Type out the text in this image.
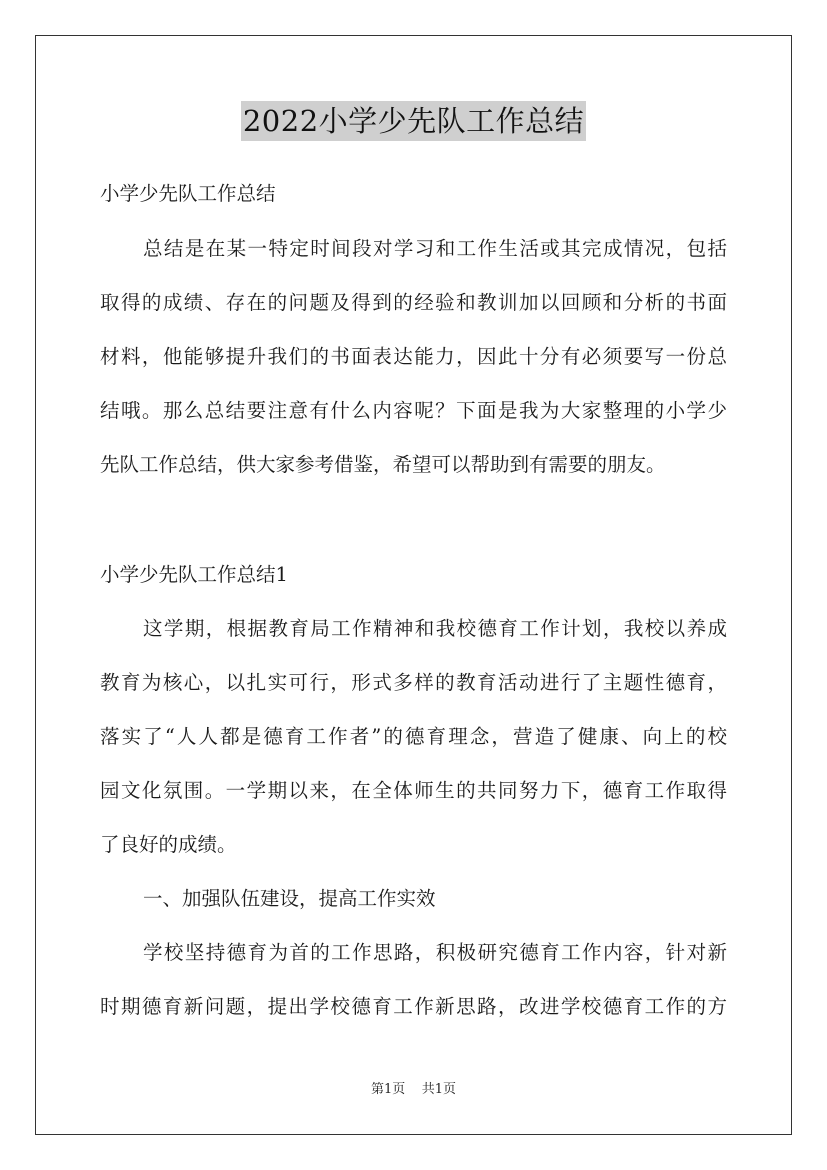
2022小学少先队工作总结
小学少先队工作总结
总结是在某一特定时间段对学习和工作生活或其完成情况，包括
取得的成绩、存在的问题及得到的经验和教训加以回顾和分析的书面
材料，他能够提升我们的书面表达能力，因此十分有必须要写一份总
结哦。那么总结要注意有什么内容呢？下面是我为大家整理的小学少
先队工作总结，供大家参考借鉴，希望可以帮助到有需要的朋友。
小学少先队工作总结1
这学期，根据教育局工作精神和我校德育工作计划，我校以养成
教育为核心，以扎实可行，形式多样的教育活动进行了主题性德育，
落实了“人人都是德育工作者”的德育理念，营造了健康、向上的校
园文化氛围。一学期以来，在全体师生的共同努力下，德育工作取得
了良好的成绩。
一、加强队伍建设，提高工作实效
学校坚持德育为首的工作思路，积极研究德育工作内容，针对新
时期德育新问题，提出学校德育工作新思路，改进学校德育工作的方
第1页 共1页
